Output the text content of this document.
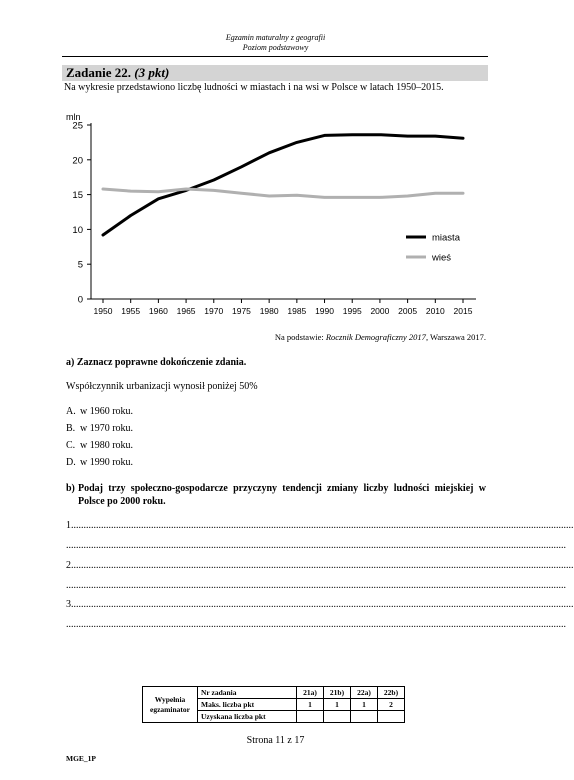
Egzamin maturalny z geografii
Poziom podstawowy
Zadanie 22. (3 pkt)
Na wykresie przedstawiono liczbę ludności w miastach i na wsi w Polsce w latach 1950–2015.
0
5
10
15
20
25
mln
1950 1955 1960 1965 1970 1975 1980 1985 1990 1995 2000 2005 2010 2015
miasta
wieś
Na podstawie: Rocznik Demograficzny 2017, Warszawa 2017.
a) Zaznacz poprawne dokończenie zdania.
Współczynnik urbanizacji wynosił poniżej 50%
A. w 1960 roku.
B. w 1970 roku.
C. w 1980 roku.
D. w 1990 roku.
b) Podaj trzy społeczno-gospodarcze przyczyny tendencji zmiany liczby ludności miejskiej w Polsce po 2000 roku.
1.........................................................................................................................................................................................................
........................................................................................................................................................................................................
2.........................................................................................................................................................................................................
........................................................................................................................................................................................................
3.........................................................................................................................................................................................................
........................................................................................................................................................................................................
Wypełnia egzaminator	Nr zadania	21a)	21b)	22a)	22b)
	Maks. liczba pkt	1	1	1	2
	Uzyskana liczba pkt				
Strona 11 z 17
MGE_1P
